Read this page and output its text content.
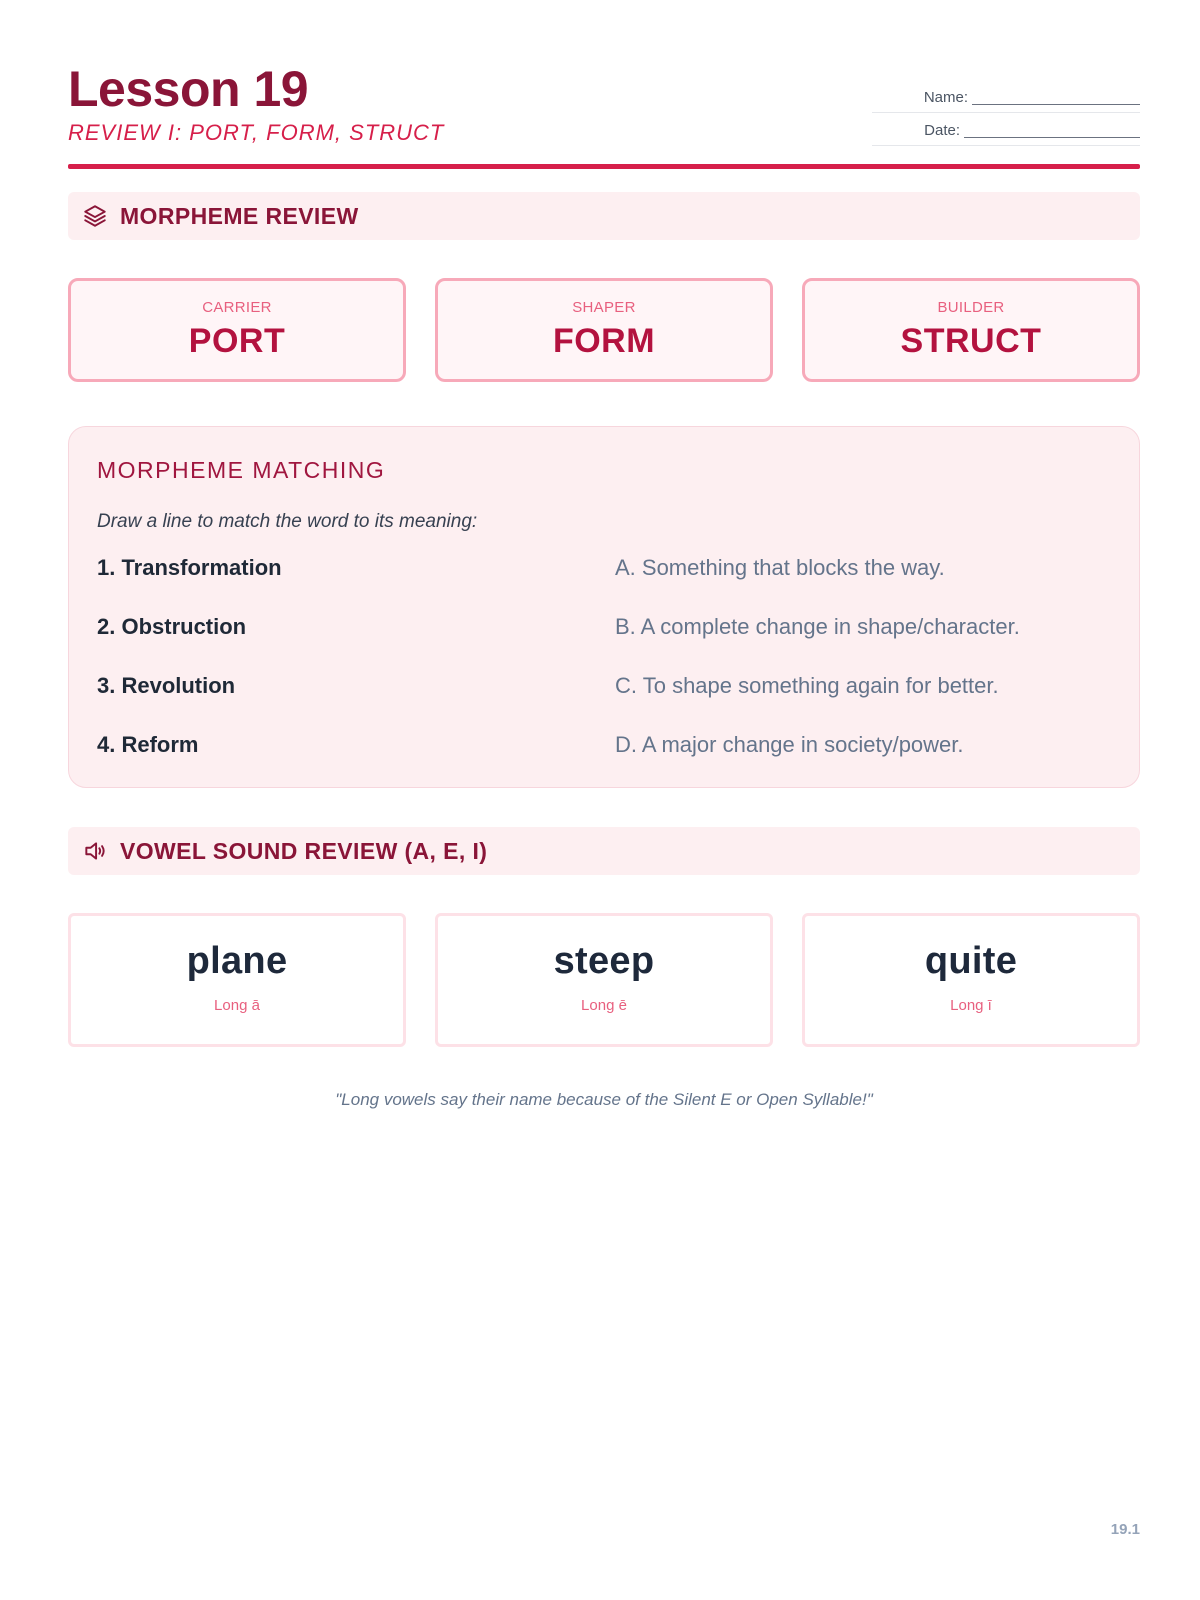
Lesson 19
REVIEW I: PORT, FORM, STRUCT
Name:
Date:
MORPHEME REVIEW
CARRIER
PORT
SHAPER
FORM
BUILDER
STRUCT
MORPHEME MATCHING
Draw a line to match the word to its meaning:
1. Transformation	A. Something that blocks the way.
2. Obstruction	B. A complete change in shape/character.
3. Revolution	C. To shape something again for better.
4. Reform	D. A major change in society/power.
VOWEL SOUND REVIEW (A, E, I)
plane
Long ā
steep
Long ē
quite
Long ī
"Long vowels say their name because of the Silent E or Open Syllable!"
19.1
